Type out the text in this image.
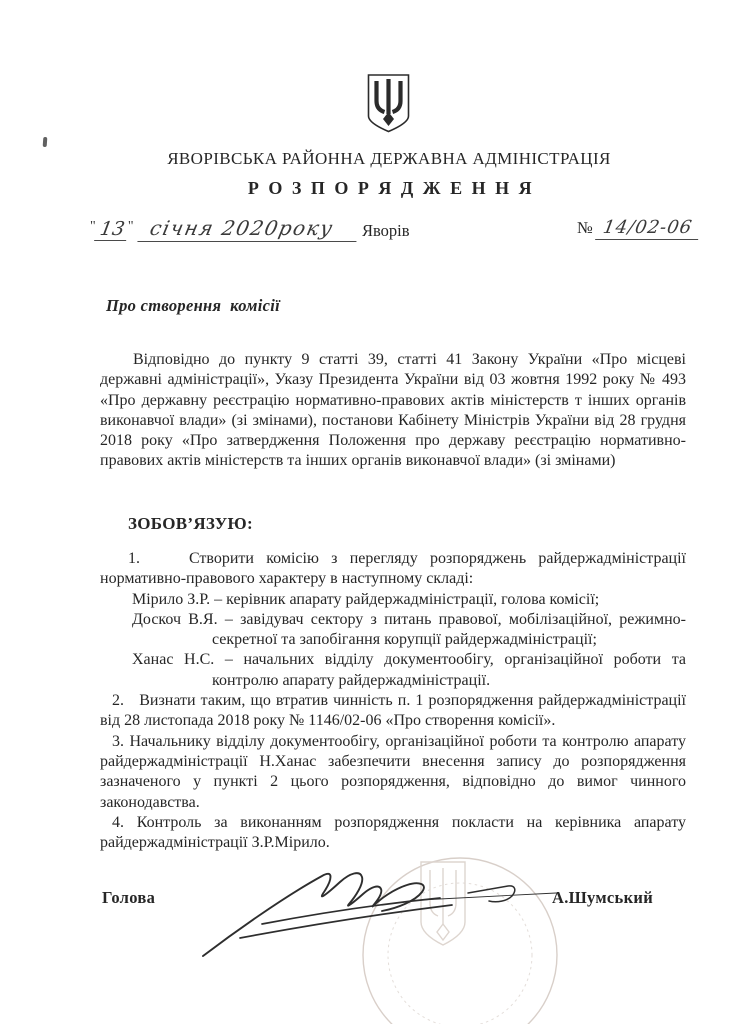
ЯВОРІВСЬКА РАЙОННА ДЕРЖАВНА АДМІНІСТРАЦІЯ
Р О З П О Р Я Д Ж Е Н Н Я
" 13 " січня 2020року	Яворів	№ 14/02-06
Про створення  комісії
Відповідно до пункту 9 статті 39, статті 41 Закону України «Про місцеві державні адміністрації», Указу Президента України від 03 жовтня 1992 року № 493 «Про державну реєстрацію нормативно-правових актів міністерств т інших органів виконавчої влади» (зі змінами), постанови Кабінету Міністрів України від 28 грудня 2018 року «Про затвердження Положення про державу реєстрацію нормативно-правових актів міністерств та інших органів виконавчої влади» (зі змінами)
ЗОБОВ’ЯЗУЮ:
1.    Створити комісію з перегляду розпоряджень райдержадміністрації нормативно-правового характеру в наступному складі:
Мірило З.Р. – керівник апарату райдержадміністрації, голова комісії;
Доскоч В.Я. – завідувач сектору з питань правової, мобілізаційної, режимно-секретної та запобігання корупції райдержадміністрації;
Ханас Н.С. – начальних відділу документообігу, організаційної роботи та контролю апарату райдержадміністрації.
2.   Визнати таким, що втратив чинність п. 1 розпорядження райдержадміністрації від 28 листопада 2018 року № 1146/02-06 «Про створення комісії».
3. Начальнику відділу документообігу, організаційної роботи та контролю апарату райдержадміністрації Н.Ханас забезпечити внесення запису до розпорядження зазначеного у пункті 2 цього розпорядження, відповідно до вимог чинного законодавства.
4. Контроль за виконанням розпорядження покласти на керівника апарату райдержадміністрації З.Р.Мірило.
Голова	А.Шумський
